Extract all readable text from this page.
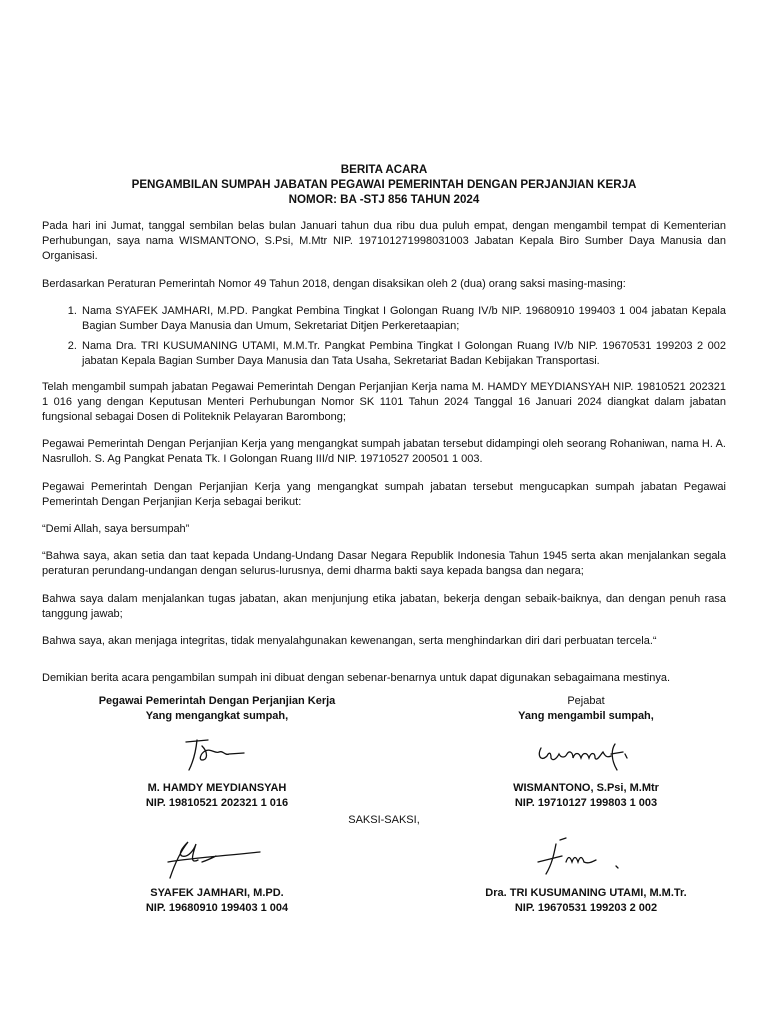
BERITA ACARA
PENGAMBILAN SUMPAH JABATAN PEGAWAI PEMERINTAH DENGAN PERJANJIAN KERJA
NOMOR: BA -STJ 856 TAHUN 2024

Pada hari ini Jumat, tanggal sembilan belas bulan Januari tahun dua ribu dua puluh empat, dengan mengambil tempat di Kementerian Perhubungan, saya nama WISMANTONO, S.Psi, M.Mtr NIP. 197101271998031003 Jabatan Kepala Biro Sumber Daya Manusia dan Organisasi.

Berdasarkan Peraturan Pemerintah Nomor 49 Tahun 2018, dengan disaksikan oleh 2 (dua) orang saksi masing-masing:

1. Nama SYAFEK JAMHARI, M.PD. Pangkat Pembina Tingkat I Golongan Ruang IV/b NIP. 19680910 199403 1 004 jabatan Kepala Bagian Sumber Daya Manusia dan Umum, Sekretariat Ditjen Perkeretaapian;
2. Nama Dra. TRI KUSUMANING UTAMI, M.M.Tr. Pangkat Pembina Tingkat I Golongan Ruang IV/b NIP. 19670531 199203 2 002 jabatan Kepala Bagian Sumber Daya Manusia dan Tata Usaha, Sekretariat Badan Kebijakan Transportasi.

Telah mengambil sumpah jabatan Pegawai Pemerintah Dengan Perjanjian Kerja nama M. HAMDY MEYDIANSYAH NIP. 19810521 202321 1 016 yang dengan Keputusan Menteri Perhubungan Nomor SK 1101 Tahun 2024 Tanggal 16 Januari 2024 diangkat dalam jabatan fungsional sebagai Dosen di Politeknik Pelayaran Barombong;

Pegawai Pemerintah Dengan Perjanjian Kerja yang mengangkat sumpah jabatan tersebut didampingi oleh seorang Rohaniwan, nama H. A. Nasrulloh. S. Ag Pangkat Penata Tk. I Golongan Ruang III/d NIP. 19710527 200501 1 003.

Pegawai Pemerintah Dengan Perjanjian Kerja yang mengangkat sumpah jabatan tersebut mengucapkan sumpah jabatan Pegawai Pemerintah Dengan Perjanjian Kerja sebagai berikut:

“Demi Allah, saya bersumpah”

“Bahwa saya, akan setia dan taat kepada Undang-Undang Dasar Negara Republik Indonesia Tahun 1945 serta akan menjalankan segala peraturan perundang-undangan dengan selurus-lurusnya, demi dharma bakti saya kepada bangsa dan negara;

Bahwa saya dalam menjalankan tugas jabatan, akan menjunjung etika jabatan, bekerja dengan sebaik-baiknya, dan dengan penuh rasa tanggung jawab;

Bahwa saya, akan menjaga integritas, tidak menyalahgunakan kewenangan, serta menghindarkan diri dari perbuatan tercela.“

Demikian berita acara pengambilan sumpah ini dibuat dengan sebenar-benarnya untuk dapat digunakan sebagaimana mestinya.

Pegawai Pemerintah Dengan Perjanjian Kerja
Yang mengangkat sumpah,
M. HAMDY MEYDIANSYAH
NIP. 19810521 202321 1 016
Pejabat
Yang mengambil sumpah,
WISMANTONO, S.Psi, M.Mtr
NIP. 19710127 199803 1 003
SAKSI-SAKSI,
SYAFEK JAMHARI, M.PD.
NIP. 19680910 199403 1 004
Dra. TRI KUSUMANING UTAMI, M.M.Tr.
NIP. 19670531 199203 2 002
